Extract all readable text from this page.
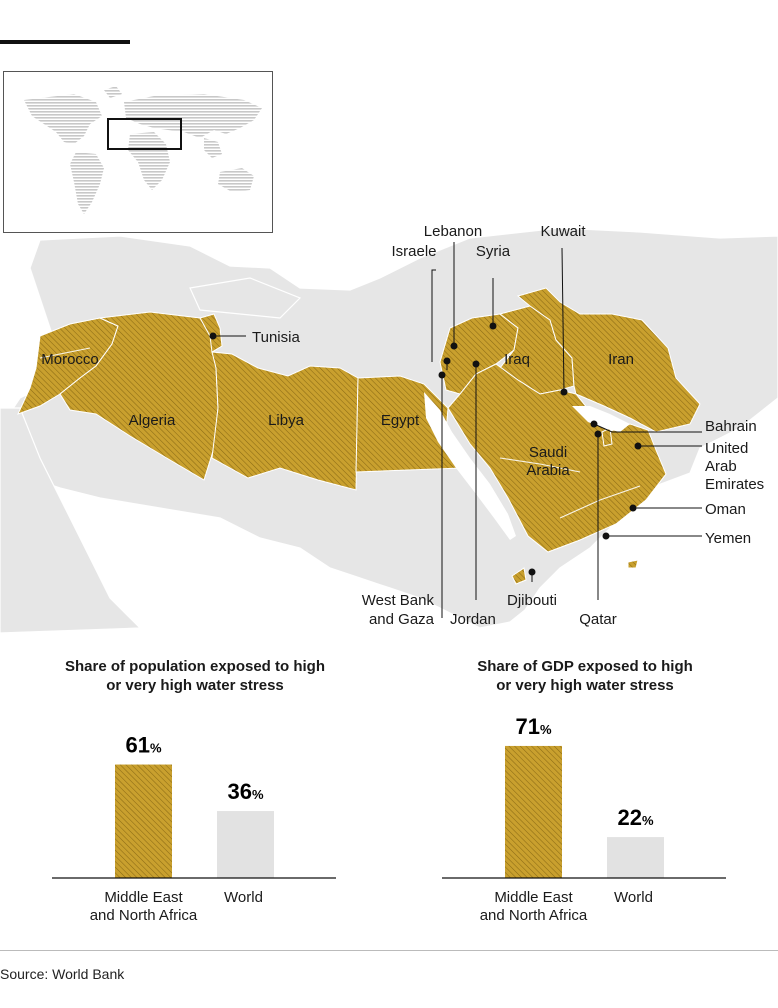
Morocco
Algeria	Libya	Egypt
Iraq	Iran
Saudi
Arabia
Tunisia
Lebanon
Israele	Syria
Kuwait
Bahrain
United
Arab
Emirates
Oman
Yemen
West Bank
and Gaza Jordan
Djibouti
Qatar
Share of population exposed to high
or very high water stress
Share of GDP exposed to high
or very high water stress
61%
Middle East
and North Africa
36%
World
71%
Middle East
and North Africa
22%
World
Source: World Bank
